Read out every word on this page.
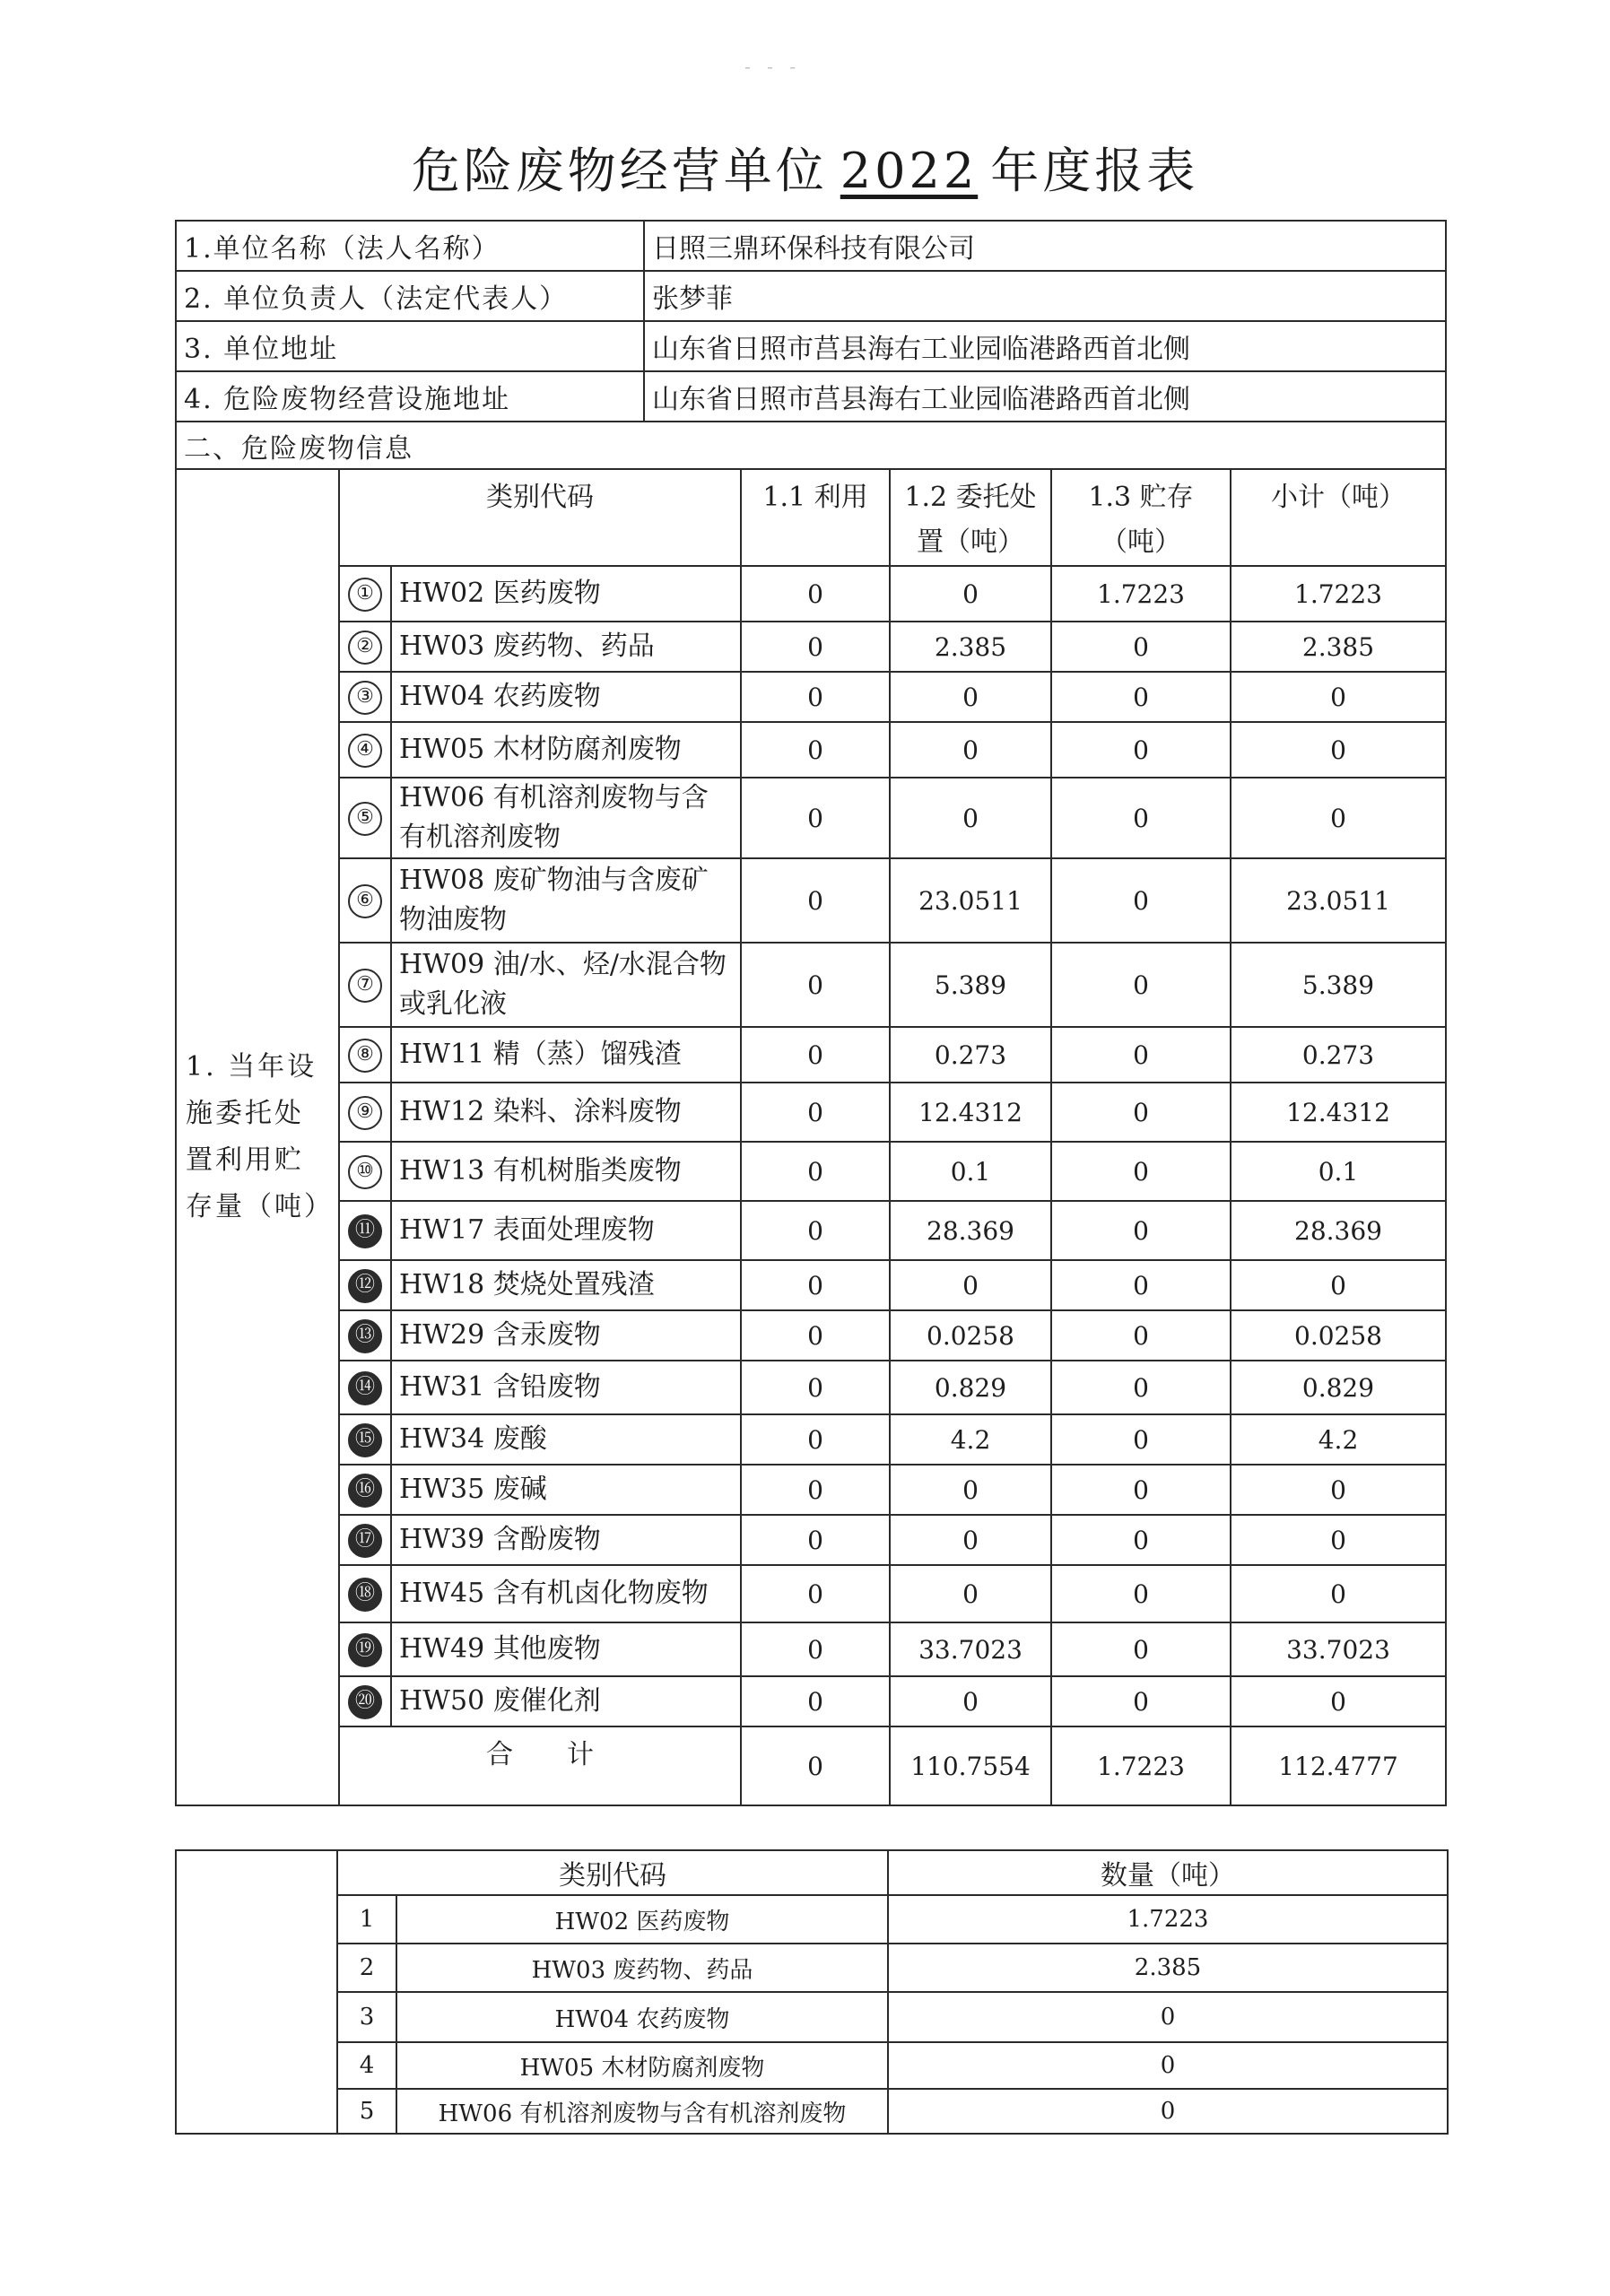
- - -
危险废物经营单位 2022 年度报表
1.单位名称（法人名称）	日照三鼎环保科技有限公司
2. 单位负责人（法定代表人）	张梦菲
3. 单位地址	山东省日照市莒县海右工业园临港路西首北侧
4. 危险废物经营设施地址	山东省日照市莒县海右工业园临港路西首北侧
二、危险废物信息	
1. 当年设施委托处置利用贮存量（吨）	类别代码		1.1 利用	1.2 委托处置（吨）	1.3 贮存（吨）	小计（吨）
	①	HW02 医药废物	0	0	1.7223	1.7223
	②	HW03 废药物、药品	0	2.385	0	2.385
	③	HW04 农药废物	0	0	0	0
	④	HW05 木材防腐剂废物	0	0	0	0
	⑤	HW06 有机溶剂废物与含有机溶剂废物	0	0	0	0
	⑥	HW08 废矿物油与含废矿物油废物	0	23.0511	0	23.0511
	⑦	HW09 油/水、烃/水混合物或乳化液	0	5.389	0	5.389
	⑧	HW11 精（蒸）馏残渣	0	0.273	0	0.273
	⑨	HW12 染料、涂料废物	0	12.4312	0	12.4312
	⑩	HW13 有机树脂类废物	0	0.1	0	0.1
	⑪	HW17 表面处理废物	0	28.369	0	28.369
	⑫	HW18 焚烧处置残渣	0	0	0	0
	⑬	HW29 含汞废物	0	0.0258	0	0.0258
	⑭	HW31 含铅废物	0	0.829	0	0.829
	⑮	HW34 废酸	0	4.2	0	4.2
	⑯	HW35 废碱	0	0	0	0
	⑰	HW39 含酚废物	0	0	0	0
	⑱	HW45 含有机卤化物废物	0	0	0	0
	⑲	HW49 其他废物	0	33.7023	0	33.7023
	⑳	HW50 废催化剂	0	0	0	0
	合　　计		0	110.7554	1.7223	112.4777
	类别代码		数量（吨）
	1	HW02 医药废物	1.7223
	2	HW03 废药物、药品	2.385
	3	HW04 农药废物	0
	4	HW05 木材防腐剂废物	0
	5	HW06 有机溶剂废物与含有机溶剂废物	0
